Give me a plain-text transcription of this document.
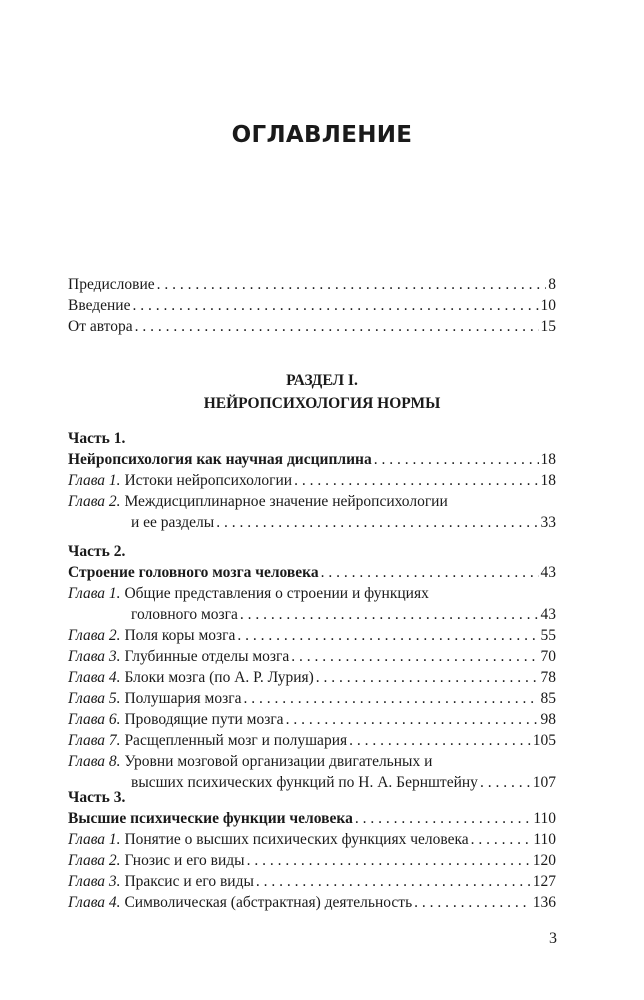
ОГЛАВЛЕНИЕ
Предисловие . . .	8
Введение . . .	10
От автора . . .	15
РАЗДЕЛ I.
НЕЙРОПСИХОЛОГИЯ НОРМЫ
Часть 1.
Нейропсихология как научная дисциплина . . .	18
Глава 1. Истоки нейропсихологии . . .	18
Глава 2. Междисциплинарное значение нейропсихологии
и ее разделы . . .	33
Часть 2.
Строение головного мозга человека . . .	43
Глава 1. Общие представления о строении и функциях
головного мозга . . .	43
Глава 2. Поля коры мозга . . .	55
Глава 3. Глубинные отделы мозга . . .	70
Глава 4. Блоки мозга (по А. Р. Лурия) . . .	78
Глава 5. Полушария мозга . . .	85
Глава 6. Проводящие пути мозга . . .	98
Глава 7. Расщепленный мозг и полушария . . .	105
Глава 8. Уровни мозговой организации двигательных и
высших психических функций по Н. А. Бернштейну . . .	107
Часть 3.
Высшие психические функции человека . . .	110
Глава 1. Понятие о высших психических функциях человека . . .	110
Глава 2. Гнозис и его виды . . .	120
Глава 3. Праксис и его виды . . .	127
Глава 4. Символическая (абстрактная) деятельность . . .	136
3
